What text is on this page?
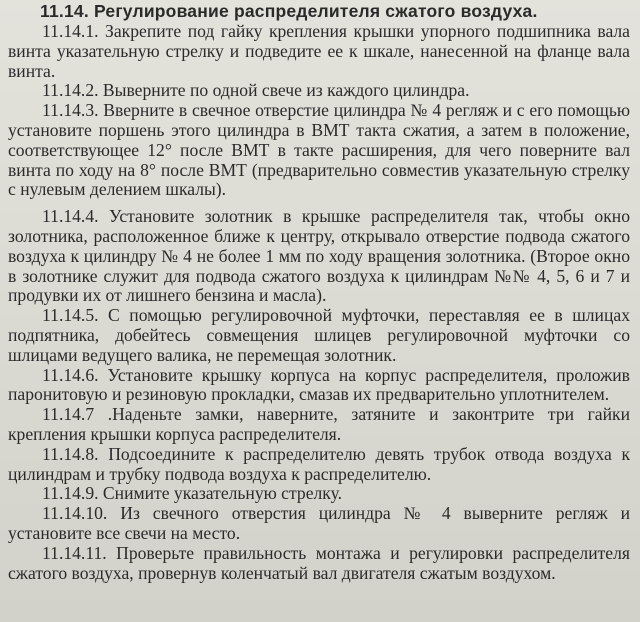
11.14. Регулирование распределителя сжатого воздуха.

11.14.1. Закрепите под гайку крепления крышки упорного подшипника вала винта указательную стрелку и подведите ее к шкале, нанесенной на фланце вала винта.

11.14.2. Выверните по одной свече из каждого цилиндра.

11.14.3. Вверните в свечное отверстие цилиндра № 4 регляж и с его помощью установите поршень этого цилиндра в ВМТ такта сжатия, а затем в положение, соответствующее 12° после ВМТ в такте расширения, для чего поверните вал винта по ходу на 8° после ВМТ (предварительно совместив указательную стрелку с нулевым делением шкалы).

11.14.4. Установите золотник в крышке распределителя так, чтобы окно золотника, расположенное ближе к центру, открывало отверстие подвода сжатого воздуха к цилиндру № 4 не более 1 мм по ходу вращения золотника. (Второе окно в золотнике служит для подвода сжатого воздуха к цилиндрам №№ 4, 5, 6 и 7 и продувки их от лишнего бензина и масла).

11.14.5. С помощью регулировочной муфточки, переставляя ее в шлицах подпятника, добейтесь совмещения шлицев регулировочной муфточки со шлицами ведущего валика, не перемещая золотник.

11.14.6. Установите крышку корпуса на корпус распределителя, проложив паронитовую и резиновую прокладки, смазав их предварительно уплотнителем.

11.14.7 .Наденьте замки, наверните, затяните и законтрите три гайки крепления крышки корпуса распределителя.

11.14.8. Подсоедините к распределителю девять трубок отвода воздуха к цилиндрам и трубку подвода воздуха к распределителю.

11.14.9. Снимите указательную стрелку.

11.14.10. Из свечного отверстия цилиндра № 4 выверните регляж и установите все свечи на место.

11.14.11. Проверьте правильность монтажа и регулировки распределителя сжатого воздуха, провернув коленчатый вал двигателя сжатым воздухом.
